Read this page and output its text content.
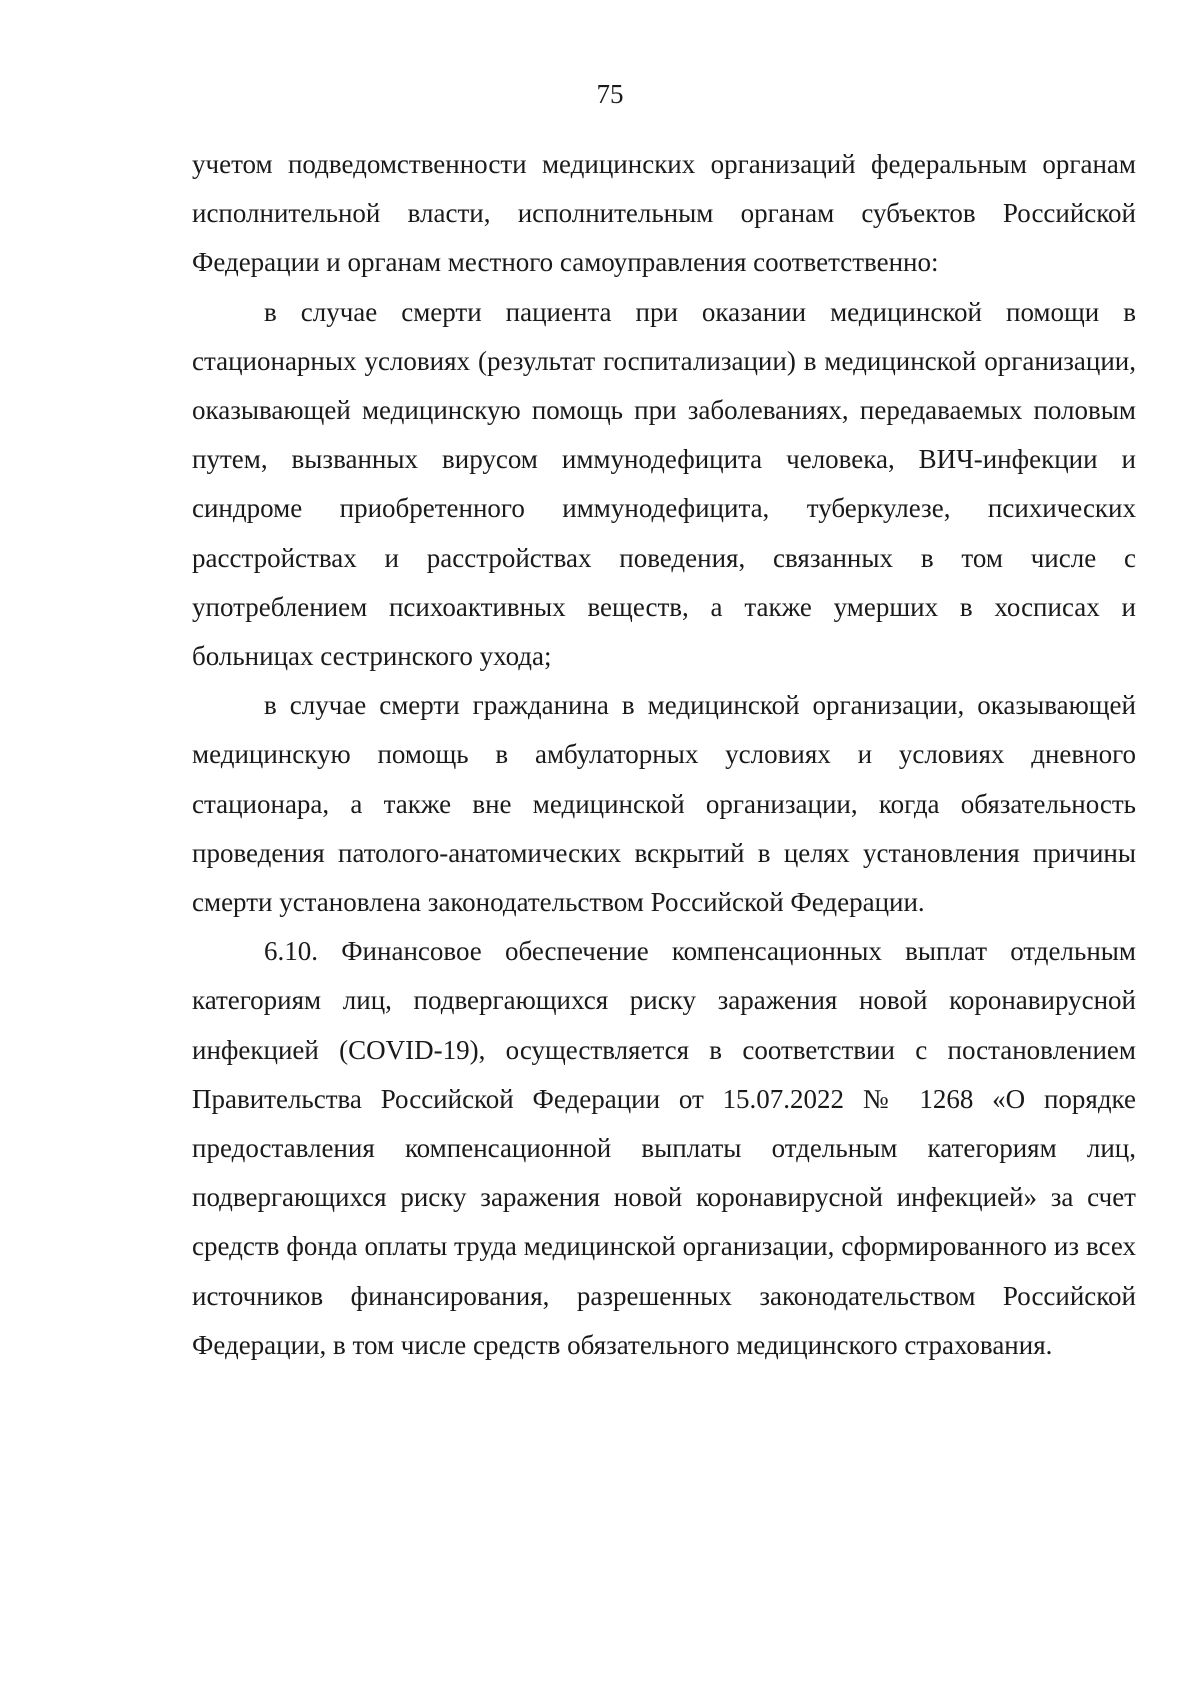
75

учетом подведомственности медицинских организаций федеральным органам исполнительной власти, исполнительным органам субъектов Российской Федерации и органам местного самоуправления соответственно:

в случае смерти пациента при оказании медицинской помощи в стационарных условиях (результат госпитализации) в медицинской организации, оказывающей медицинскую помощь при заболеваниях, передаваемых половым путем, вызванных вирусом иммунодефицита человека, ВИЧ-инфекции и синдроме приобретенного иммунодефицита, туберкулезе, психических расстройствах и расстройствах поведения, связанных в том числе с употреблением психоактивных веществ, а также умерших в хосписах и больницах сестринского ухода;

в случае смерти гражданина в медицинской организации, оказывающей медицинскую помощь в амбулаторных условиях и условиях дневного стационара, а также вне медицинской организации, когда обязательность проведения патолого-анатомических вскрытий в целях установления причины смерти установлена законодательством Российской Федерации.

6.10. Финансовое обеспечение компенсационных выплат отдельным категориям лиц, подвергающихся риску заражения новой коронавирусной инфекцией (COVID-19), осуществляется в соответствии с постановлением Правительства Российской Федерации от 15.07.2022 № 1268 «О порядке предоставления компенсационной выплаты отдельным категориям лиц, подвергающихся риску заражения новой коронавирусной инфекцией» за счет средств фонда оплаты труда медицинской организации, сформированного из всех источников финансирования, разрешенных законодательством Российской Федерации, в том числе средств обязательного медицинского страхования.
